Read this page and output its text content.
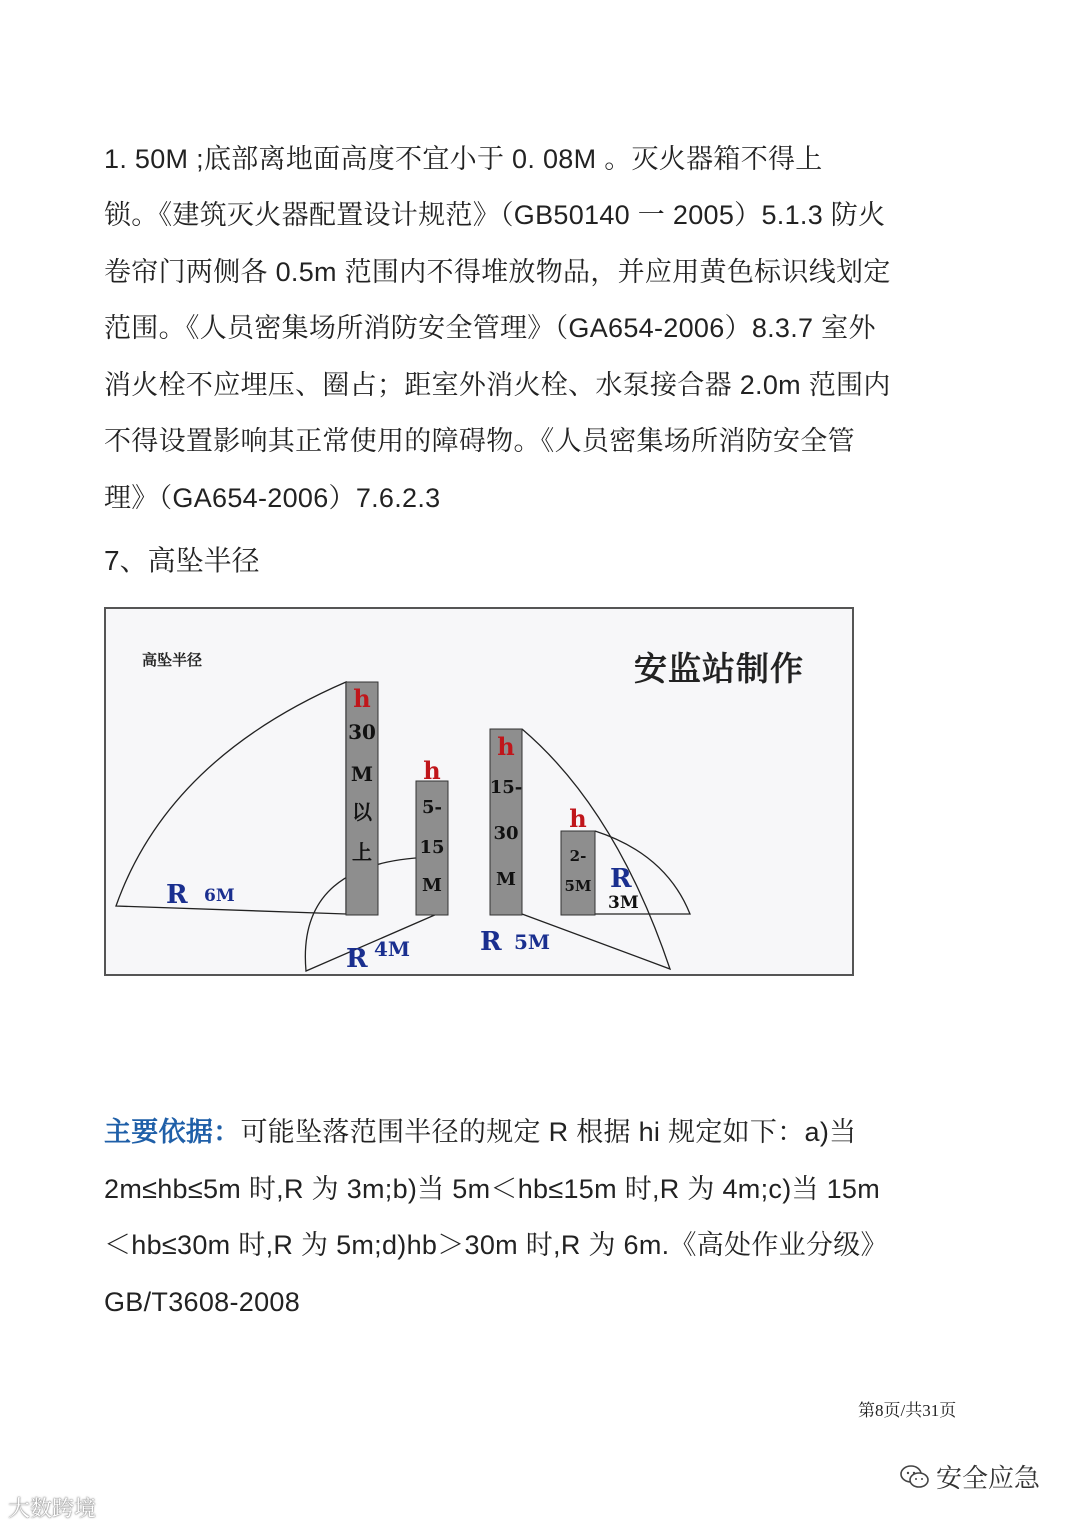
1. 50M ;底部离地面高度不宜小于 0. 08M 。灭火器箱不得上
锁。《建筑灭火器配置设计规范》（GB50140 一 2005）5.1.3 防火
卷帘门两侧各 0.5m 范围内不得堆放物品，并应用黄色标识线划定
范围。《人员密集场所消防安全管理》（GA654-2006）8.3.7 室外
消火栓不应埋压、圈占；距室外消火栓、水泵接合器 2.0m 范围内
不得设置影响其正常使用的障碍物。《人员密集场所消防安全管
理》（GA654-2006）7.6.2.3
7、高坠半径
h
30
M
以
上
R 6M
h
5-
15
M
R 4M
h
15-
30
M
R 5M
h
2-
5M R
3M
高坠半径	安监站制作
主要依据：可能坠落范围半径的规定 R 根据 hi 规定如下：a)当
2m≤hb≤5m 时,R 为 3m;b)当 5m＜hb≤15m 时,R 为 4m;c)当 15m
＜hb≤30m 时,R 为 5m;d)hb＞30m 时,R 为 6m.《高处作业分级》
GB/T3608-2008
第8页/共31页
大数跨境
安全应急
